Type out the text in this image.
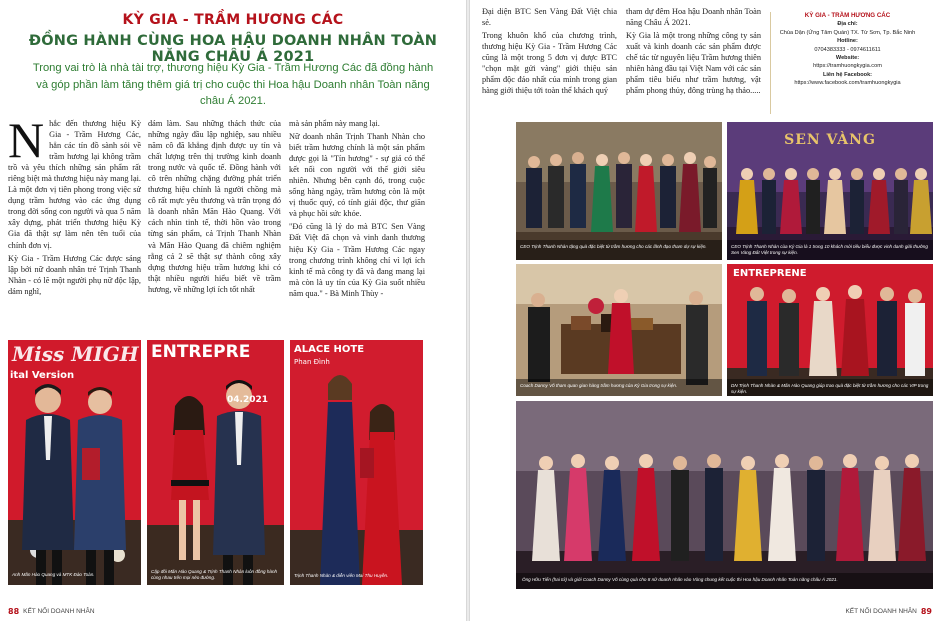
KỲ GIA - TRẦM HƯƠNG CÁC
ĐỒNG HÀNH CÙNG HOA HẬU DOANH NHÂN TOÀN NĂNG CHÂU Á 2021
Trong vai trò là nhà tài trợ, thương hiệu Kỳ Gia - Trầm Hương Các đã đồng hành và góp phần làm tăng thêm giá trị cho cuộc thi Hoa hậu Doanh nhân Toàn năng châu Á 2021.

Nhắc đến thương hiệu Kỳ Gia - Trầm Hương Các, hẳn các tín đồ sành sỏi về trầm hương lại không trầm trồ và yêu thích những sản phẩm rất riêng biệt mà thương hiệu này mang lại. Là một đơn vị tiên phong trong việc sử dụng trầm hương vào các ứng dụng trong đời sống con người và qua 5 năm xây dựng, phát triển thương hiệu Kỳ Gia đã thật sự làm nên tên tuổi của chính đơn vị.

Kỳ Gia - Trầm Hương Các được sáng lập bởi nữ doanh nhân trẻ Trịnh Thanh Nhàn - có lẽ một người phụ nữ độc lập, dám nghĩ,

dám làm. Sau những thách thức của những ngày đầu lập nghiệp, sau nhiều năm cô đã khẳng định được uy tín và chất lượng trên thị trường kinh doanh trong nước và quốc tế. Đồng hành với cô trên những chặng đường phát triển thương hiệu chính là người chồng mà cô rất mực yêu thương và trân trọng đó là doanh nhân Mãn Hào Quang. Với cách nhìn tinh tế, thời hồn vào trong từng sản phẩm, cả Trịnh Thanh Nhàn và Mãn Hào Quang đã chiêm nghiệm rằng cả 2 sẽ thật sự thành công xây dựng thương hiệu trầm hương khi có thật nhiều người hiểu biết về trầm hương, về những lợi ích tốt nhất

mà sản phẩm này mang lại.

Nữ doanh nhân Trịnh Thanh Nhàn cho biết trầm hương chính là một sản phẩm được gọi là "Tín hương" - sự giả có thể kết nối con người với thế giới siêu nhiên. Nhưng bên cạnh đó, trong cuộc sống hàng ngày, trầm hương còn là một vị thuốc quý, có tính giải độc, thư giãn và phục hồi sức khỏe.

"Đó cũng là lý do mà BTC Sen Vàng Đất Việt đã chọn và vinh danh thương hiệu Kỳ Gia - Trầm Hương Các ngay trong chương trình không chỉ vì lợi ích kinh tế mà công ty đã và đang mang lại mà còn là uy tín của Kỳ Gia suốt nhiều năm qua." - Bà Minh Thùy -

Miss MIGH
ital Version
Anh Mãn Hào Quang và MTK Đào Toàn.
ENTREPRE
04.2021
Cặp đôi Mãn Hào Quang & Trịnh Thanh Nhàn luôn đồng hành cùng nhau trên mọi nẻo đường.
ALACE HOTE
Phan Đình
Trịnh Thanh Nhàn & diễn viên Mai Thu Huyền.
88 KẾT NỐI DOANH NHÂN

Đại diện BTC Sen Vàng Đất Việt chia sẻ.

Trong khuôn khổ của chương trình, thương hiệu Kỳ Gia - Trầm Hương Các cũng là một trong 5 đơn vị được BTC "chọn mặt gửi vàng" giới thiệu sản phẩm độc đáo nhất của mình trong gian hàng giới thiệu tới toàn thể khách quý

tham dự đêm Hoa hậu Doanh nhân Toàn năng Châu Á 2021.

Kỳ Gia là một trong những công ty sản xuất và kinh doanh các sản phẩm được chế tác từ nguyên liệu Trầm hương thiên nhiên hàng đầu tại Việt Nam với các sản phẩm tiêu biểu như trầm hương, vật phẩm phong thủy, đông trùng hạ thảo.....

KỲ GIA - TRẦM HƯƠNG CÁC
Địa chỉ:
Chùa Dận (Ứng Tâm Quán) TX. Từ Sơn, Tp. Bắc Ninh
Hotline:
0704383333 - 0974611611
Website:
https://tramhuongkygia.com
Liên hệ Facebook:
https://www.facebook.com/tramhuongkygia
CEO Trịnh Thanh Nhàn tặng quà đặc biệt từ trầm hương cho các lãnh đạo tham dự sự kiện.
SEN VÀNG
CEO Trịnh Thanh Nhàn cùa Kỳ Gia là 1 trong 10 khách mời tiêu biểu được vinh danh giải thưởng Sen Vàng Đất Việt trong sự kiện.
Coach Danny Võ tham quan gian hàng trầm hương của Kỳ Gia trong sự kiện.
ENTREPRENE
DN Trịnh Thanh Nhàn & Mãn Hào Quang giúp trao quà đặc biệt từ trầm hương cho các VIP trong sự kiện.
Ông Hữu Tiến (hai tứ) và giới Coach Danny Võ cùng quà cho 8 nữ doanh nhân vào Vòng chung kết cuộc thi Hoa hậu Doanh nhân Toàn năng châu Á 2021.
KẾT NỐI DOANH NHÂN 89
